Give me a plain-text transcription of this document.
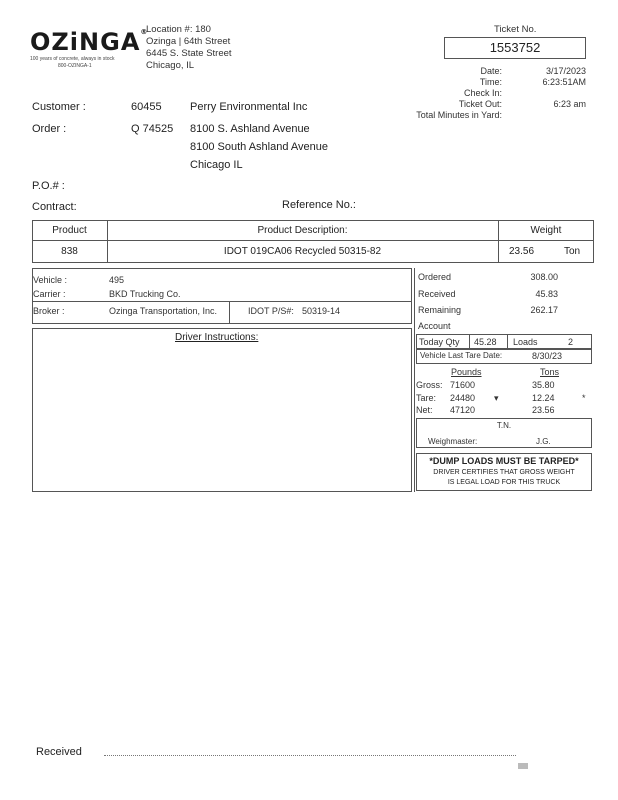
OZiNGA®
100 years of concrete, always in stock
800-OZINGA-1
Location #: 180
Ozinga | 64th Street
6445 S. State Street
Chicago, IL
Ticket No.
1553752
Date:	3/17/2023
Time:	6:23:51AM
Check In:
Ticket Out:	6:23 am
Total Minutes in Yard:
Customer :	60455	Perry Environmental Inc
Order :	Q 74525 8100 S. Ashland Avenue
8100 South Ashland Avenue
Chicago IL
P.O.# :
Contract:	Reference No.:
Product	Product Description:	Weight
838	IDOT 019CA06 Recycled 50315-82	23.56	Ton
Vehicle :	495
Carrier :	BKD Trucking Co.
Broker :	Ozinga Transportation, Inc.	IDOT P/S#: 50319-14
Driver Instructions:
Ordered	308.00
Received	45.83
Remaining	262.17
Account
Today Qty 45.28 Loads	2
Vehicle Last Tare Date:	8/30/23
Pounds	Tons
Gross: 71600	35.80
Tare: 24480 ▾	12.24	*
Net: 47120	23.56
T.N.
Weighmaster:	J.G.
*DUMP LOADS MUST BE TARPED*
DRIVER CERTIFIES THAT GROSS WEIGHT
IS LEGAL LOAD FOR THIS TRUCK
Received
